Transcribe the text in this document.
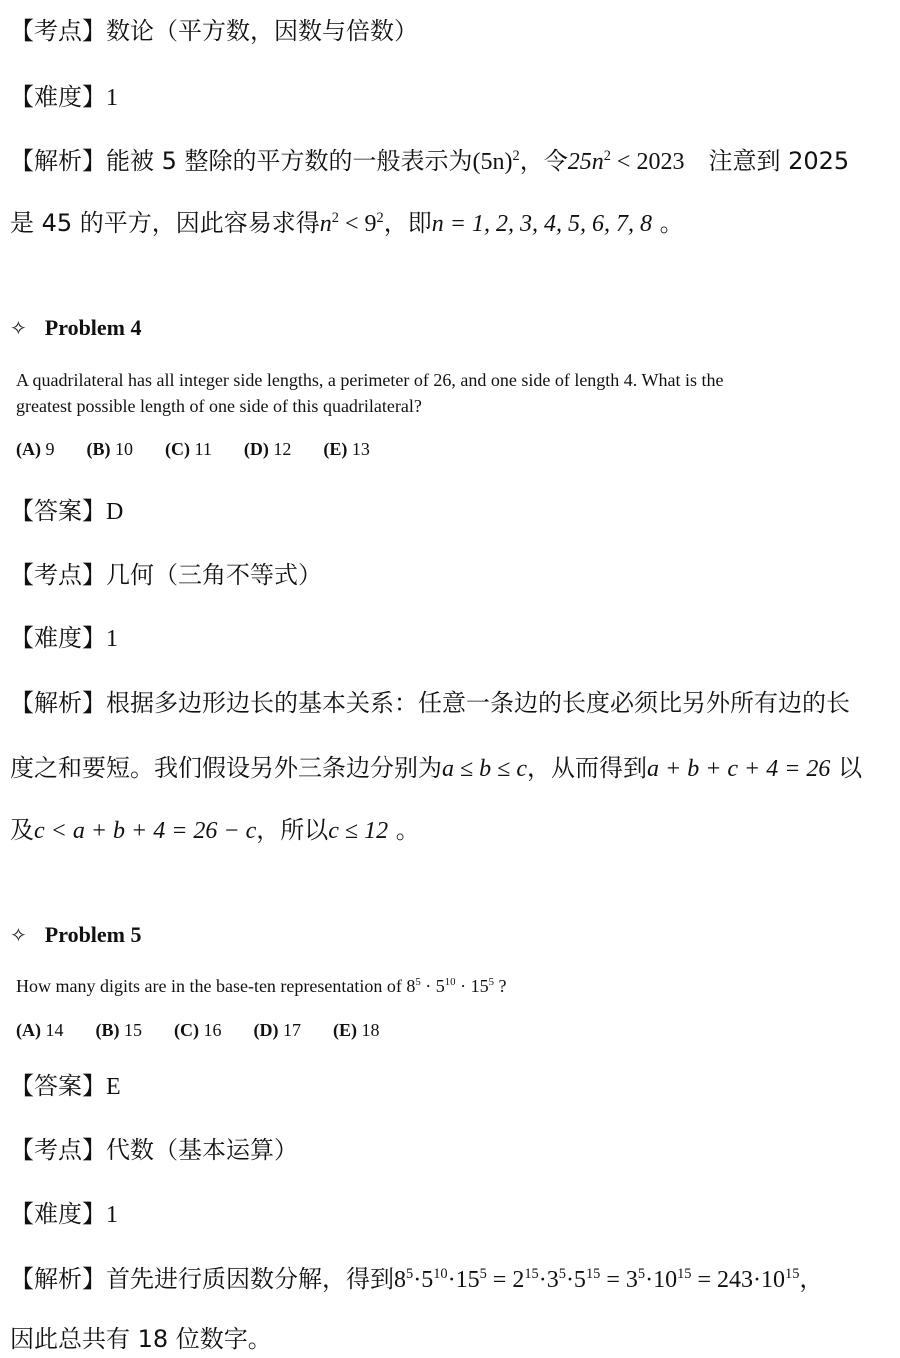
【考点】数论（平方数，因数与倍数）
【难度】1
【解析】能被 5 整除的平方数的一般表示为$(5n)^2$，令$25n^2 < 2023$　注意到 2025
是 45 的平方，因此容易求得$n^2 < 9^2$，即n = 1, 2, 3, 4, 5, 6, 7, 8 。
✧ Problem 4
A quadrilateral has all integer side lengths, a perimeter of 26, and one side of length 4. What is the
greatest possible length of one side of this quadrilateral?
(A) 9 (B) 10 (C) 11 (D) 12 (E) 13
【答案】D
【考点】几何（三角不等式）
【难度】1
【解析】根据多边形边长的基本关系：任意一条边的长度必须比另外所有边的长
度之和要短。我们假设另外三条边分别为a ≤ b ≤ c，从而得到a + b + c + 4 = 26 以
及c < a + b + 4 = 26 − c，所以c ≤ 12 。
✧ Problem 5
How many digits are in the base-ten representation of $8^5 \cdot 5^{10} \cdot 15^5$ ?
(A) 14 (B) 15 (C) 16 (D) 17 (E) 18
【答案】E
【考点】代数（基本运算）
【难度】1
【解析】首先进行质因数分解，得到$8^5\cdot 5^{10}\cdot 15^5 = 2^{15}\cdot 3^5\cdot 5^{15} = 3^5\cdot 10^{15} = 243\cdot 10^{15}$，
因此总共有 18 位数字。
